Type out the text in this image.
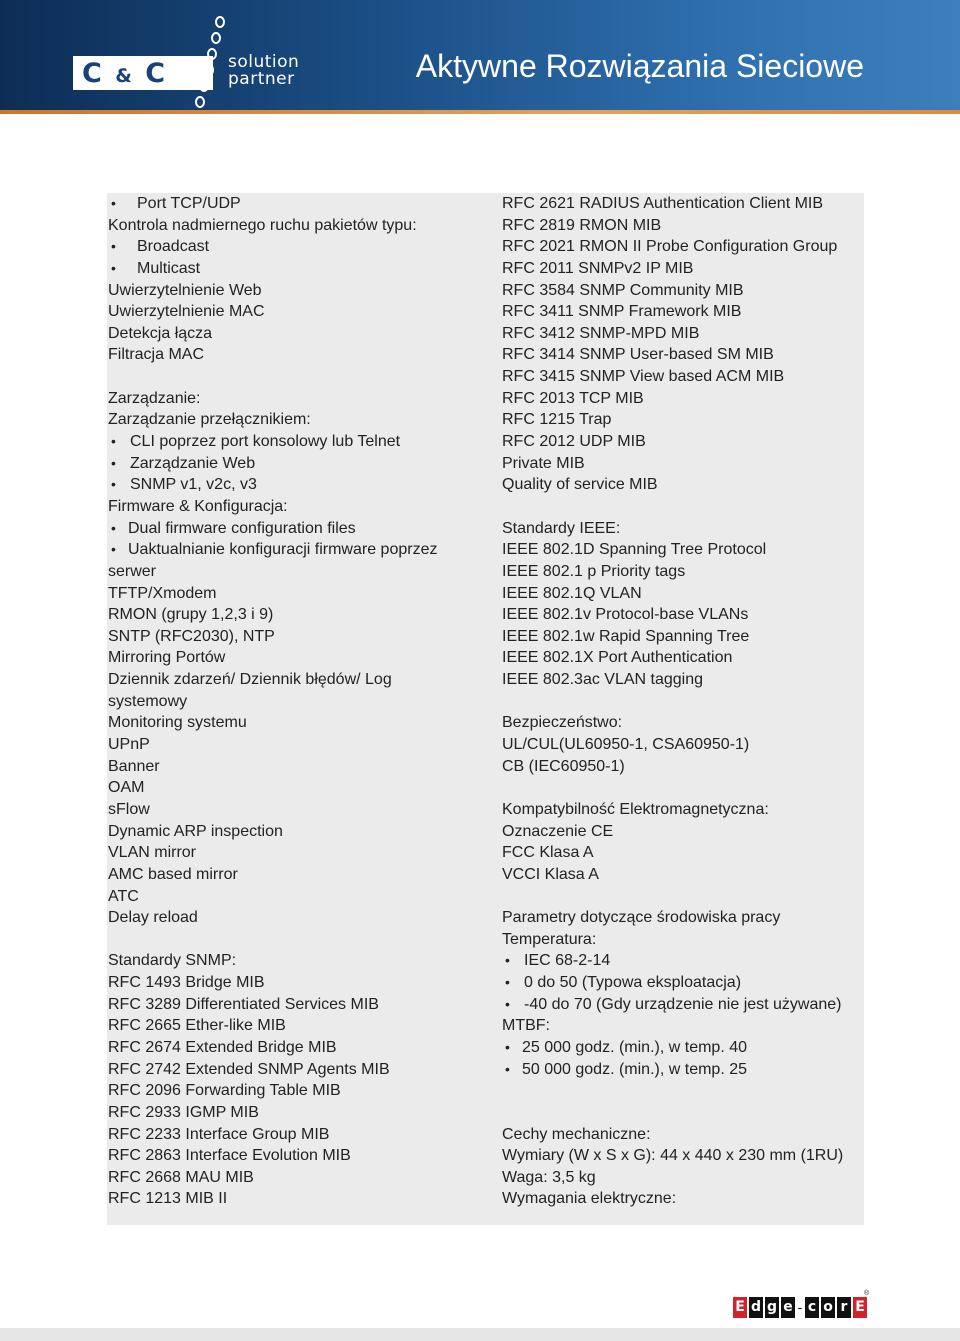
C & C	solution
partner	Aktywne Rozwiązania Sieciowe
• Port TCP/UDP
Kontrola nadmiernego ruchu pakietów typu:
• Broadcast
• Multicast
Uwierzytelnienie Web
Uwierzytelnienie MAC
Detekcja łącza
Filtracja MAC
Zarządzanie:
Zarządzanie przełącznikiem:
• CLI poprzez port konsolowy lub Telnet
• Zarządzanie Web
• SNMP v1, v2c, v3
Firmware & Konfiguracja:
• Dual firmware configuration files
• Uaktualnianie konfiguracji firmware poprzez
serwer
TFTP/Xmodem
RMON (grupy 1,2,3 i 9)
SNTP (RFC2030), NTP
Mirroring Portów
Dziennik zdarzeń/ Dziennik błędów/ Log
systemowy
Monitoring systemu
UPnP
Banner
OAM
sFlow
Dynamic ARP inspection
VLAN mirror
AMC based mirror
ATC
Delay reload
Standardy SNMP:
RFC 1493 Bridge MIB
RFC 3289 Differentiated Services MIB
RFC 2665 Ether-like MIB
RFC 2674 Extended Bridge MIB
RFC 2742 Extended SNMP Agents MIB
RFC 2096 Forwarding Table MIB
RFC 2933 IGMP MIB
RFC 2233 Interface Group MIB
RFC 2863 Interface Evolution MIB
RFC 2668 MAU MIB
RFC 1213 MIB II
RFC 2621 RADIUS Authentication Client MIB
RFC 2819 RMON MIB
RFC 2021 RMON II Probe Configuration Group
RFC 2011 SNMPv2 IP MIB
RFC 3584 SNMP Community MIB
RFC 3411 SNMP Framework MIB
RFC 3412 SNMP-MPD MIB
RFC 3414 SNMP User-based SM MIB
RFC 3415 SNMP View based ACM MIB
RFC 2013 TCP MIB
RFC 1215 Trap
RFC 2012 UDP MIB
Private MIB
Quality of service MIB
Standardy IEEE:
IEEE 802.1D Spanning Tree Protocol
IEEE 802.1 p Priority tags
IEEE 802.1Q VLAN
IEEE 802.1v Protocol-base VLANs
IEEE 802.1w Rapid Spanning Tree
IEEE 802.1X Port Authentication
IEEE 802.3ac VLAN tagging
Bezpieczeństwo:
UL/CUL(UL60950-1, CSA60950-1)
CB (IEC60950-1)
Kompatybilność Elektromagnetyczna:
Oznaczenie CE
FCC Klasa A
VCCI Klasa A
Parametry dotyczące środowiska pracy
Temperatura:
• IEC 68-2-14
• 0 do 50 (Typowa eksploatacja)
• -40 do 70 (Gdy urządzenie nie jest używane)
MTBF:
• 25 000 godz. (min.), w temp. 40
• 50 000 godz. (min.), w temp. 25
Cechy mechaniczne:
Wymiary (W x S x G): 44 x 440 x 230 mm (1RU)
Waga: 3,5 kg
Wymagania elektryczne:
E d g e - c o r E
®
